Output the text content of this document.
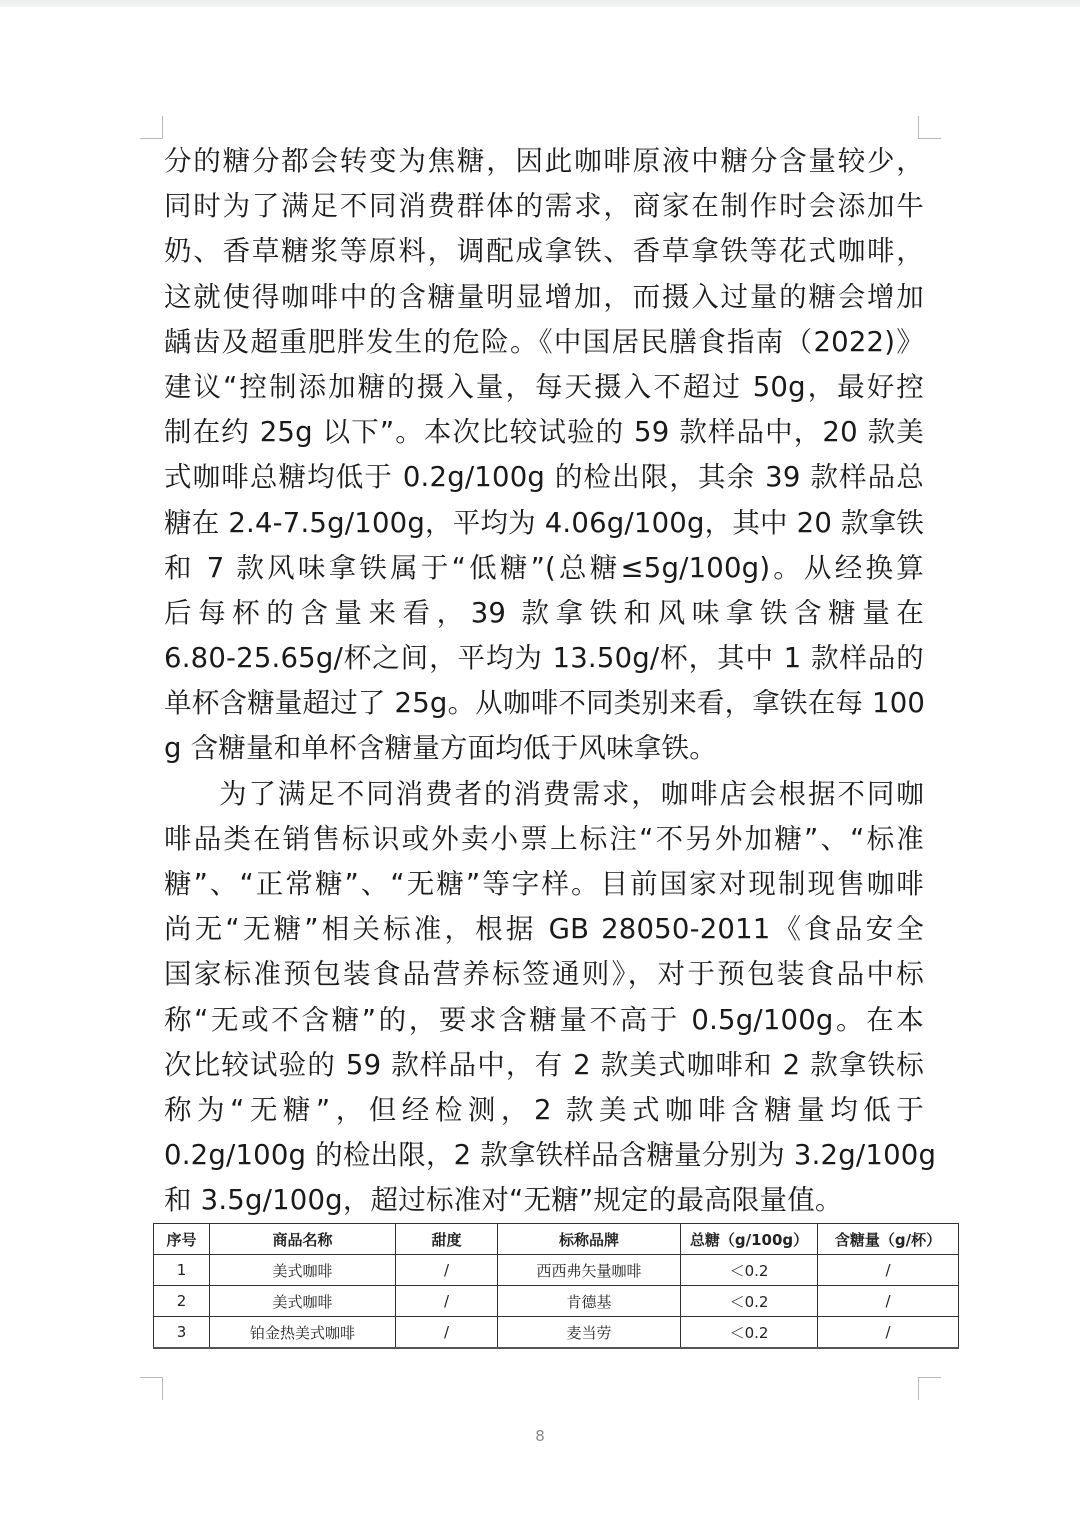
分的糖分都会转变为焦糖，因此咖啡原液中糖分含量较少，
同时为了满足不同消费群体的需求，商家在制作时会添加牛
奶、香草糖浆等原料，调配成拿铁、香草拿铁等花式咖啡，
这就使得咖啡中的含糖量明显增加，而摄入过量的糖会增加
龋齿及超重肥胖发生的危险。《中国居民膳食指南（2022)》
建议“控制添加糖的摄入量，每天摄入不超过 50g，最好控
制在约 25g 以下”。本次比较试验的 59 款样品中，20 款美
式咖啡总糖均低于 0.2g/100g 的检出限，其余 39 款样品总
糖在 2.4-7.5g/100g，平均为 4.06g/100g，其中 20 款拿铁
和 7 款风味拿铁属于“低糖”(总糖≤5g/100g)。从经换算
后每杯的含量来看，39 款拿铁和风味拿铁含糖量在
6.80-25.65g/杯之间，平均为 13.50g/杯，其中 1 款样品的
单杯含糖量超过了 25g。从咖啡不同类别来看，拿铁在每 100
g 含糖量和单杯含糖量方面均低于风味拿铁。
为了满足不同消费者的消费需求，咖啡店会根据不同咖
啡品类在销售标识或外卖小票上标注“不另外加糖”、“标准
糖”、“正常糖”、“无糖”等字样。目前国家对现制现售咖啡
尚无“无糖”相关标准，根据 GB 28050-2011《食品安全
国家标准预包装食品营养标签通则》，对于预包装食品中标
称“无或不含糖”的，要求含糖量不高于 0.5g/100g。在本
次比较试验的 59 款样品中，有 2 款美式咖啡和 2 款拿铁标
称为“无糖”，但经检测，2 款美式咖啡含糖量均低于
0.2g/100g 的检出限，2 款拿铁样品含糖量分别为 3.2g/100g
和 3.5g/100g，超过标准对“无糖”规定的最高限量值。
序号	商品名称	甜度	标称品牌	总糖（g/100g）	含糖量（g/杯）
1	美式咖啡	/	西西弗矢量咖啡	＜0.2	/
2	美式咖啡	/	肯德基	＜0.2	/
3	铂金热美式咖啡	/	麦当劳	＜0.2	/
8
